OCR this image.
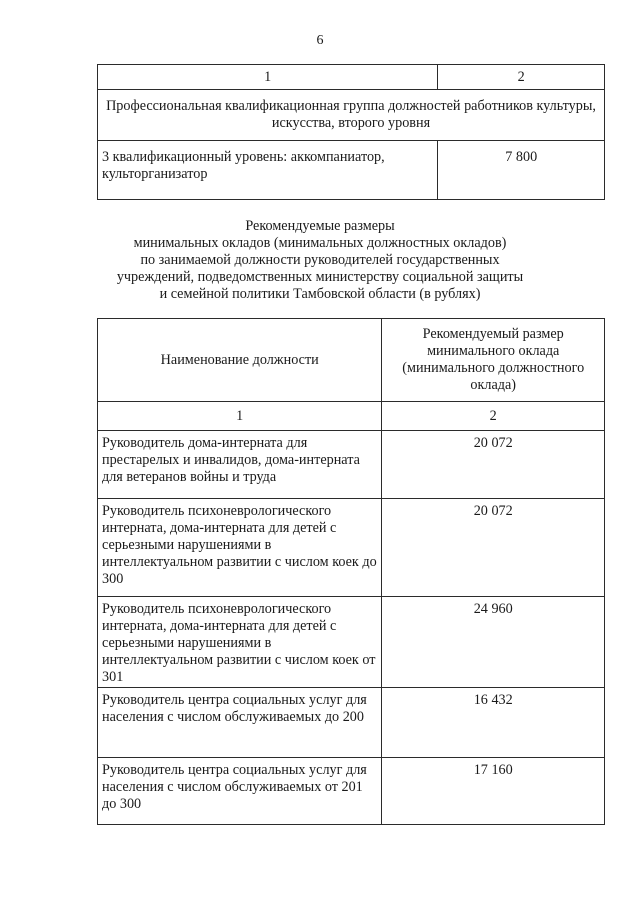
6
1	2
Профессиональная квалификационная группа должностей работников культуры, искусства, второго уровня	
3 квалификационный уровень: аккомпаниатор, культорганизатор	7 800
Рекомендуемые размеры
минимальных окладов (минимальных должностных окладов)
по занимаемой должности руководителей государственных
учреждений, подведомственных министерству социальной защиты
и семейной политики Тамбовской области (в рублях)
Наименование должности	Рекомендуемый размер минимального оклада (минимального должностного оклада)
1	2
Руководитель дома-интерната для престарелых и инвалидов, дома-интерната для ветеранов войны и труда	20 072
Руководитель психоневрологического интерната, дома-интерната для детей с серьезными нарушениями в интеллектуальном развитии с числом коек до 300	20 072
Руководитель психоневрологического интерната, дома-интерната для детей с серьезными нарушениями в интеллектуальном развитии с числом коек от 301	24 960
Руководитель центра социальных услуг для населения с числом обслуживаемых до 200	16 432
Руководитель центра социальных услуг для населения с числом обслуживаемых от 201 до 300	17 160
